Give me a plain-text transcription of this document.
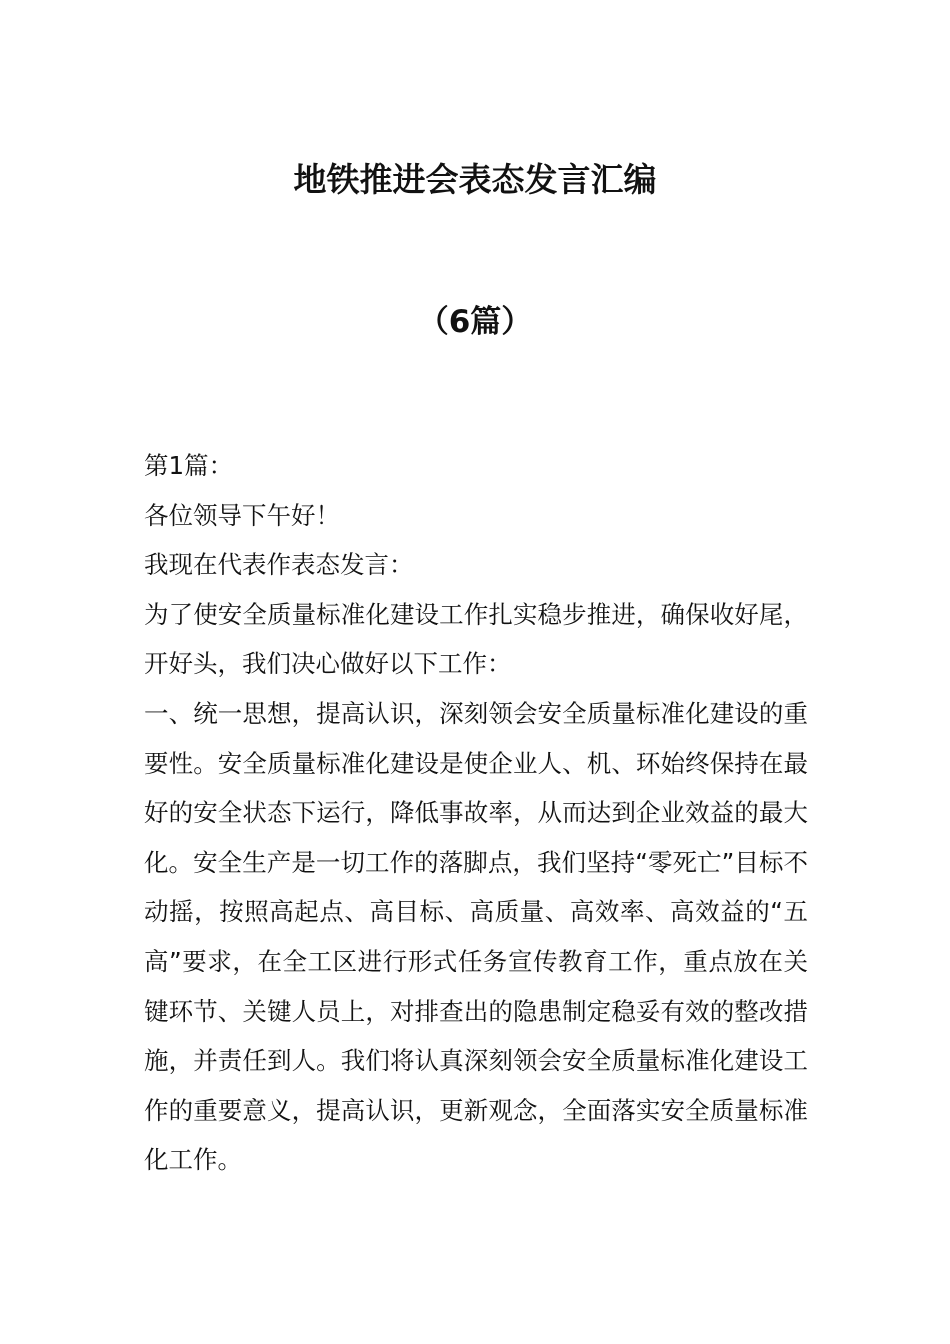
地铁推进会表态发言汇编
（6篇）

第1篇：

各位领导下午好！

我现在代表作表态发言：

为了使安全质量标准化建设工作扎实稳步推进，确保收好尾，开好头，我们决心做好以下工作：

一、统一思想，提高认识，深刻领会安全质量标准化建设的重要性。安全质量标准化建设是使企业人、机、环始终保持在最好的安全状态下运行，降低事故率，从而达到企业效益的最大化。安全生产是一切工作的落脚点，我们坚持“零死亡”目标不动摇，按照高起点、高目标、高质量、高效率、高效益的“五高”要求，在全工区进行形式任务宣传教育工作，重点放在关键环节、关键人员上，对排查出的隐患制定稳妥有效的整改措施，并责任到人。我们将认真深刻领会安全质量标准化建设工作的重要意义，提高认识，更新观念，全面落实安全质量标准化工作。
